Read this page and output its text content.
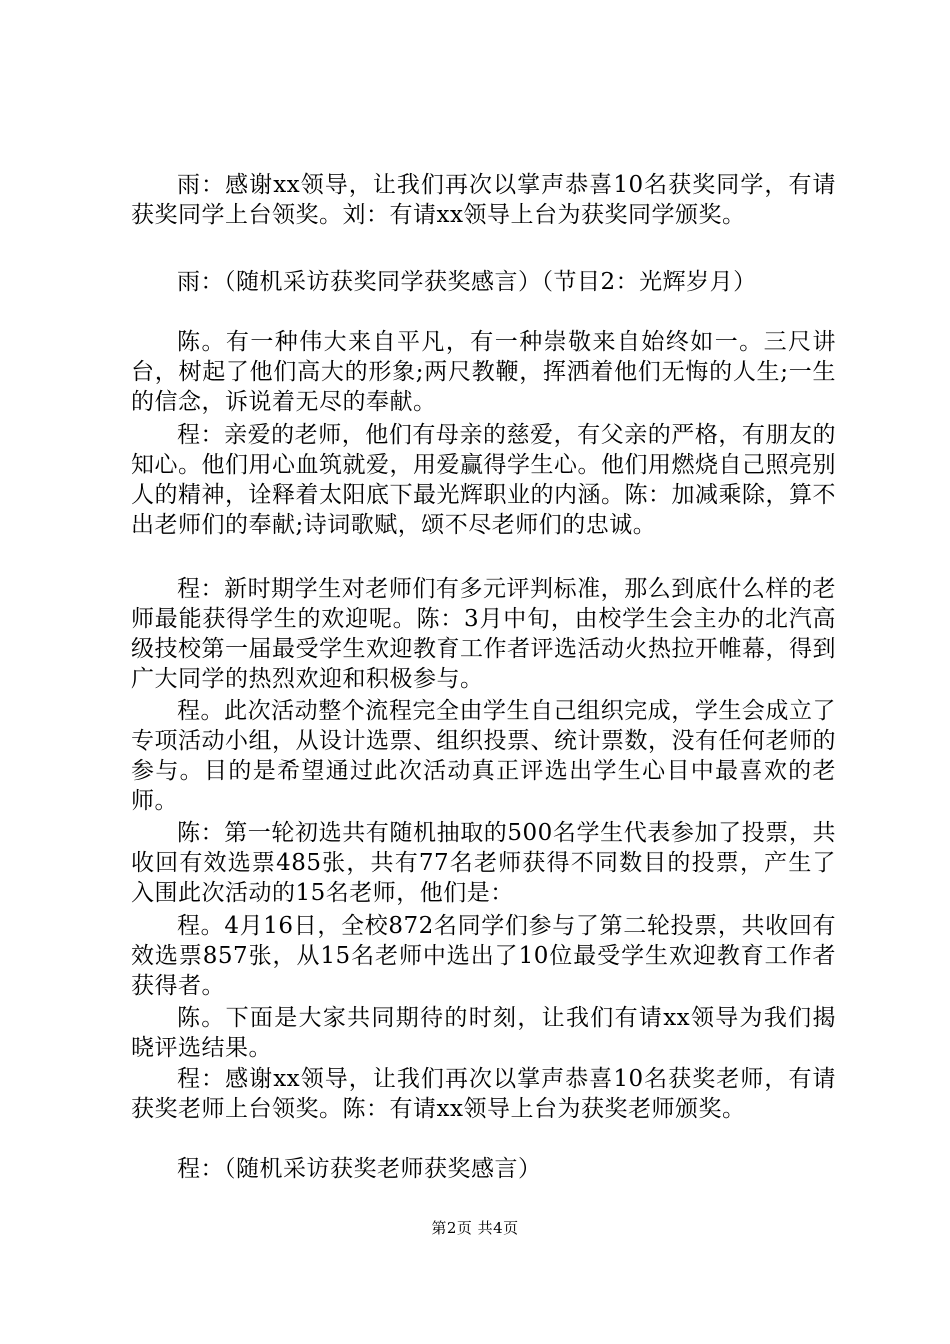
雨：感谢xx领导，让我们再次以掌声恭喜10名获奖同学，有请获奖同学上台领奖。刘：有请xx领导上台为获奖同学颁奖。

雨：（随机采访获奖同学获奖感言）（节目2：光辉岁月）

陈。有一种伟大来自平凡，有一种崇敬来自始终如一。三尺讲台，树起了他们高大的形象;两尺教鞭，挥洒着他们无悔的人生;一生的信念，诉说着无尽的奉献。

程：亲爱的老师，他们有母亲的慈爱，有父亲的严格，有朋友的知心。他们用心血筑就爱，用爱赢得学生心。他们用燃烧自己照亮别人的精神，诠释着太阳底下最光辉职业的内涵。陈：加减乘除，算不出老师们的奉献;诗词歌赋，颂不尽老师们的忠诚。

程：新时期学生对老师们有多元评判标准，那么到底什么样的老师最能获得学生的欢迎呢。陈：3月中旬，由校学生会主办的北汽高级技校第一届最受学生欢迎教育工作者评选活动火热拉开帷幕，得到广大同学的热烈欢迎和积极参与。

程。此次活动整个流程完全由学生自己组织完成，学生会成立了专项活动小组，从设计选票、组织投票、统计票数，没有任何老师的参与。目的是希望通过此次活动真正评选出学生心目中最喜欢的老师。

陈：第一轮初选共有随机抽取的500名学生代表参加了投票，共收回有效选票485张，共有77名老师获得不同数目的投票，产生了入围此次活动的15名老师，他们是：

程。4月16日，全校872名同学们参与了第二轮投票，共收回有效选票857张，从15名老师中选出了10位最受学生欢迎教育工作者获得者。

陈。下面是大家共同期待的时刻，让我们有请xx领导为我们揭晓评选结果。

程：感谢xx领导，让我们再次以掌声恭喜10名获奖老师，有请获奖老师上台领奖。陈：有请xx领导上台为获奖老师颁奖。

程：（随机采访获奖老师获奖感言）

第2页 共4页
